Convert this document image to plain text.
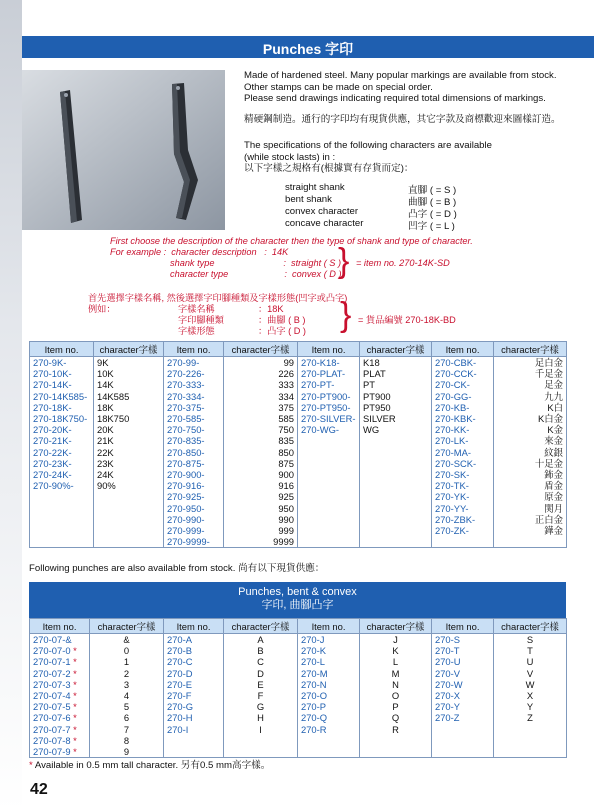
Punches 字印

Made of hardened steel. Many popular markings are available from stock.
Other stamps can be made on special order.
Please send drawings indicating required total dimensions of markings.

精硬鋼制造。通行的字印均有現貨供應，其它字款及商標歡迎來圖樣訂造。

The specifications of the following characters are available
(while stock lasts) in :
以下字樣之規格有(根據實有存貨而定)：

straight shank	直腳 ( = S )
bent shank	曲腳 ( = B )
convex character	凸字 ( = D )
concave character	凹字 ( = L )
First choose the description of the character then the type of shank and type of character.
For example :  character description   :  14K
shank type                           :  straight ( S )
character type                      :  convex ( D )
} = item no. 270-14K-SD
首先選擇字樣名稱, 然後選擇字印腳種類及字樣形態(凹字或凸字)
例如：	字樣名稱	：18K
字印腳種類	：曲腳 ( B )
字樣形態	：凸字 ( D ) } = 貨品編號 270-18K-BD
Item no.	character字樣	Item no.	character字樣	Item no.	character字樣	Item no.	character字樣
270-9K-	9K	270-99-	99	270-K18-	K18	270-CBK-	足白金
270-10K-	10K	270-226-	226	270-PLAT-	PLAT	270-CCK-	千足金
270-14K-	14K	270-333-	333	270-PT-	PT	270-CK-	足金
270-14K585-	14K585	270-334-	334	270-PT900-	PT900	270-GG-	九九
270-18K-	18K	270-375-	375	270-PT950-	PT950	270-KB-	K白
270-18K750-	18K750	270-585-	585	270-SILVER-	SILVER	270-KBK-	K白金
270-20K-	20K	270-750-	750	270-WG-	WG	270-KK-	K金
270-21K-	21K	270-835-	835			270-LK-	來金
270-22K-	22K	270-850-	850			270-MA-	紋銀
270-23K-	23K	270-875-	875			270-SCK-	十足金
270-24K-	24K	270-900-	900			270-SK-	鈽金
270-90%-	90%	270-916-	916			270-TK-	盾金
		270-925-	925			270-YK-	原金
		270-950-	950			270-YY-	関月
		270-990-	990			270-ZBK-	正白金
		270-999-	999			270-ZK-	鏵金
		270-9999-	9999				
Following punches are also available from stock. 尚有以下現貨供應：
Punches, bent & convex
字印, 曲腳凸字
Item no.	character字樣	Item no.	character字樣	Item no.	character字樣	Item no.	character字樣
270-07-&	&	270-A	A	270-J	J	270-S	S
270-07-0 *	0	270-B	B	270-K	K	270-T	T
270-07-1 *	1	270-C	C	270-L	L	270-U	U
270-07-2 *	2	270-D	D	270-M	M	270-V	V
270-07-3 *	3	270-E	E	270-N	N	270-W	W
270-07-4 *	4	270-F	F	270-O	O	270-X	X
270-07-5 *	5	270-G	G	270-P	P	270-Y	Y
270-07-6 *	6	270-H	H	270-Q	Q	270-Z	Z
270-07-7 *	7	270-I	I	270-R	R		
270-07-8 *	8						
270-07-9 *	9						
* Available in 0.5 mm tall character. 另有0.5 mm高字樣。
42
